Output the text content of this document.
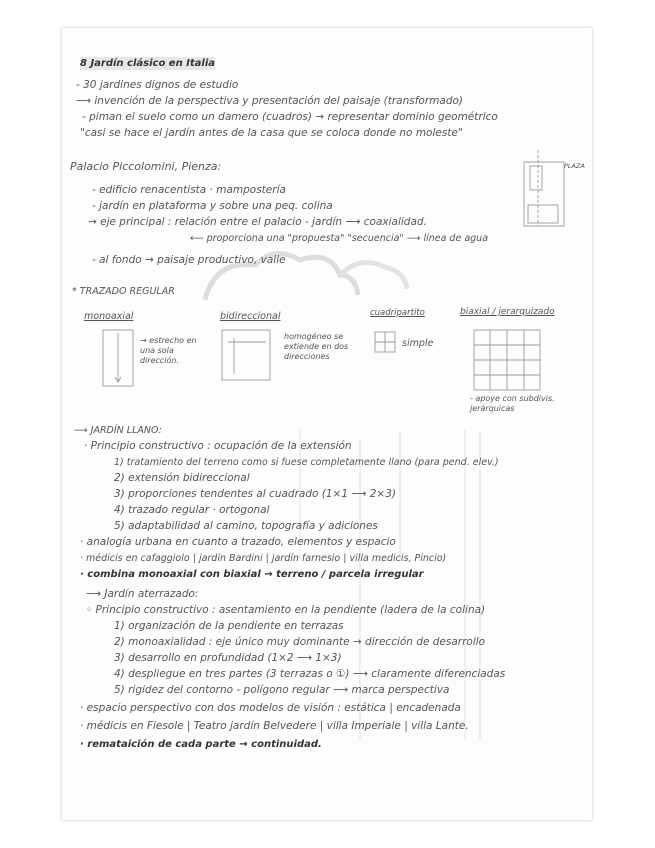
8 Jardín clásico en Italia
- 30 jardines dignos de estudio
⟶ invención de la perspectiva y presentación del paisaje (transformado)
- piman el suelo como un damero (cuadros) → representar dominio geométrico
"casi se hace el jardín antes de la casa que se coloca donde no moleste"
Palacio Piccolomini, Pienza:	PLAZA
- edificio renacentista · mampostería
- jardín en plataforma y sobre una peq. colina
→ eje principal : relación entre el palacio - jardín ⟶ coaxialidad.
⟵ proporciona una "propuesta" "secuencia" ⟶ línea de agua
- al fondo → paisaje productivo, valle
* TRAZADO REGULAR
monoaxial	bidireccional	cuadripartito	biaxial / jerarquizado
→ estrecho en una sola dirección.
homogéneo se extiende en dos direcciones
simple
- apoye con subdivis. jerárquicas
⟶ JARDÍN LLANO:
· Principio constructivo : ocupación de la extensión
1) tratamiento del terreno como si fuese completamente llano (para pend. elev.)
2) extensión bidireccional
3) proporciones tendentes al cuadrado (1×1 ⟶ 2×3)
4) trazado regular · ortogonal
5) adaptabilidad al camino, topografía y adiciones
· analogía urbana en cuanto a trazado, elementos y espacio
· médicis en cafaggiolo | jardín Bardini | jardín farnesio | villa medicis, Pincio)
· combina monoaxial con biaxial → terreno / parcela irregular
⟶ Jardín aterrazado:
◦ Principio constructivo : asentamiento en la pendiente (ladera de la colina)
1) organización de la pendiente en terrazas
2) monoaxialidad : eje único muy dominante → dirección de desarrollo
3) desarrollo en profundidad (1×2 ⟶ 1×3)
4) despliegue en tres partes (3 terrazas o ①) ⟶ claramente diferenciadas
5) rigidez del contorno - polígono regular ⟶ marca perspectiva
· espacio perspectivo con dos modelos de visión : estática | encadenada
· médicis en Fiesole | Teatro jardín Belvedere | villa Imperiale | villa Lante.
· remataición de cada parte → continuidad.
